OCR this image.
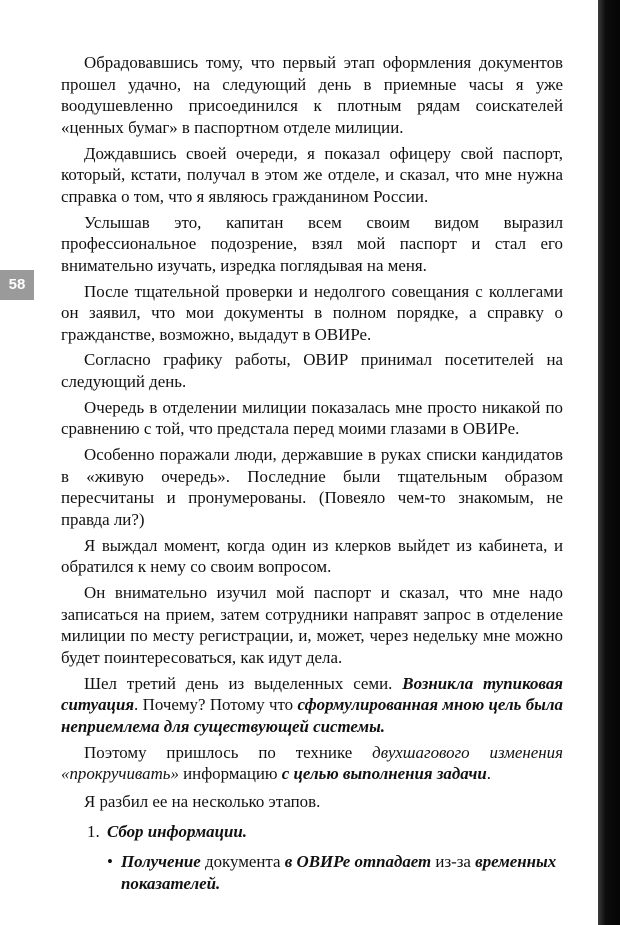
58

Обрадовавшись тому, что первый этап оформления документов прошел удачно, на следующий день в приемные часы я уже воодушевленно присоединился к плотным рядам соискателей «ценных бумаг» в паспортном отделе милиции.

Дождавшись своей очереди, я показал офицеру свой паспорт, который, кстати, получал в этом же отделе, и сказал, что мне нужна справка о том, что я являюсь гражданином России.

Услышав это, капитан всем своим видом выразил профессиональное подозрение, взял мой паспорт и стал его внимательно изучать, изредка поглядывая на меня.

После тщательной проверки и недолгого совещания с коллегами он заявил, что мои документы в полном порядке, а справку о гражданстве, возможно, выдадут в ОВИРе.

Согласно графику работы, ОВИР принимал посетителей на следующий день.

Очередь в отделении милиции показалась мне просто никакой по сравнению с той, что предстала перед моими глазами в ОВИРе.

Особенно поражали люди, державшие в руках списки кандидатов в «живую очередь». Последние были тщательным образом пересчитаны и пронумерованы. (Повеяло чем-то знакомым, не правда ли?)

Я выждал момент, когда один из клерков выйдет из кабинета, и обратился к нему со своим вопросом.

Он внимательно изучил мой паспорт и сказал, что мне надо записаться на прием, затем сотрудники направят запрос в отделение милиции по месту регистрации, и, может, через недельку мне можно будет поинтересоваться, как идут дела.

Шел третий день из выделенных семи. Возникла тупиковая ситуация. Почему? Потому что сформулированная мною цель была неприемлема для существующей системы.

Поэтому пришлось по технике двухшагового изменения «прокручивать» информацию с целью выполнения задачи.

Я разбил ее на несколько этапов.

1. Сбор информации.
• Получение документа в ОВИРе отпадает из-за временных показателей.
